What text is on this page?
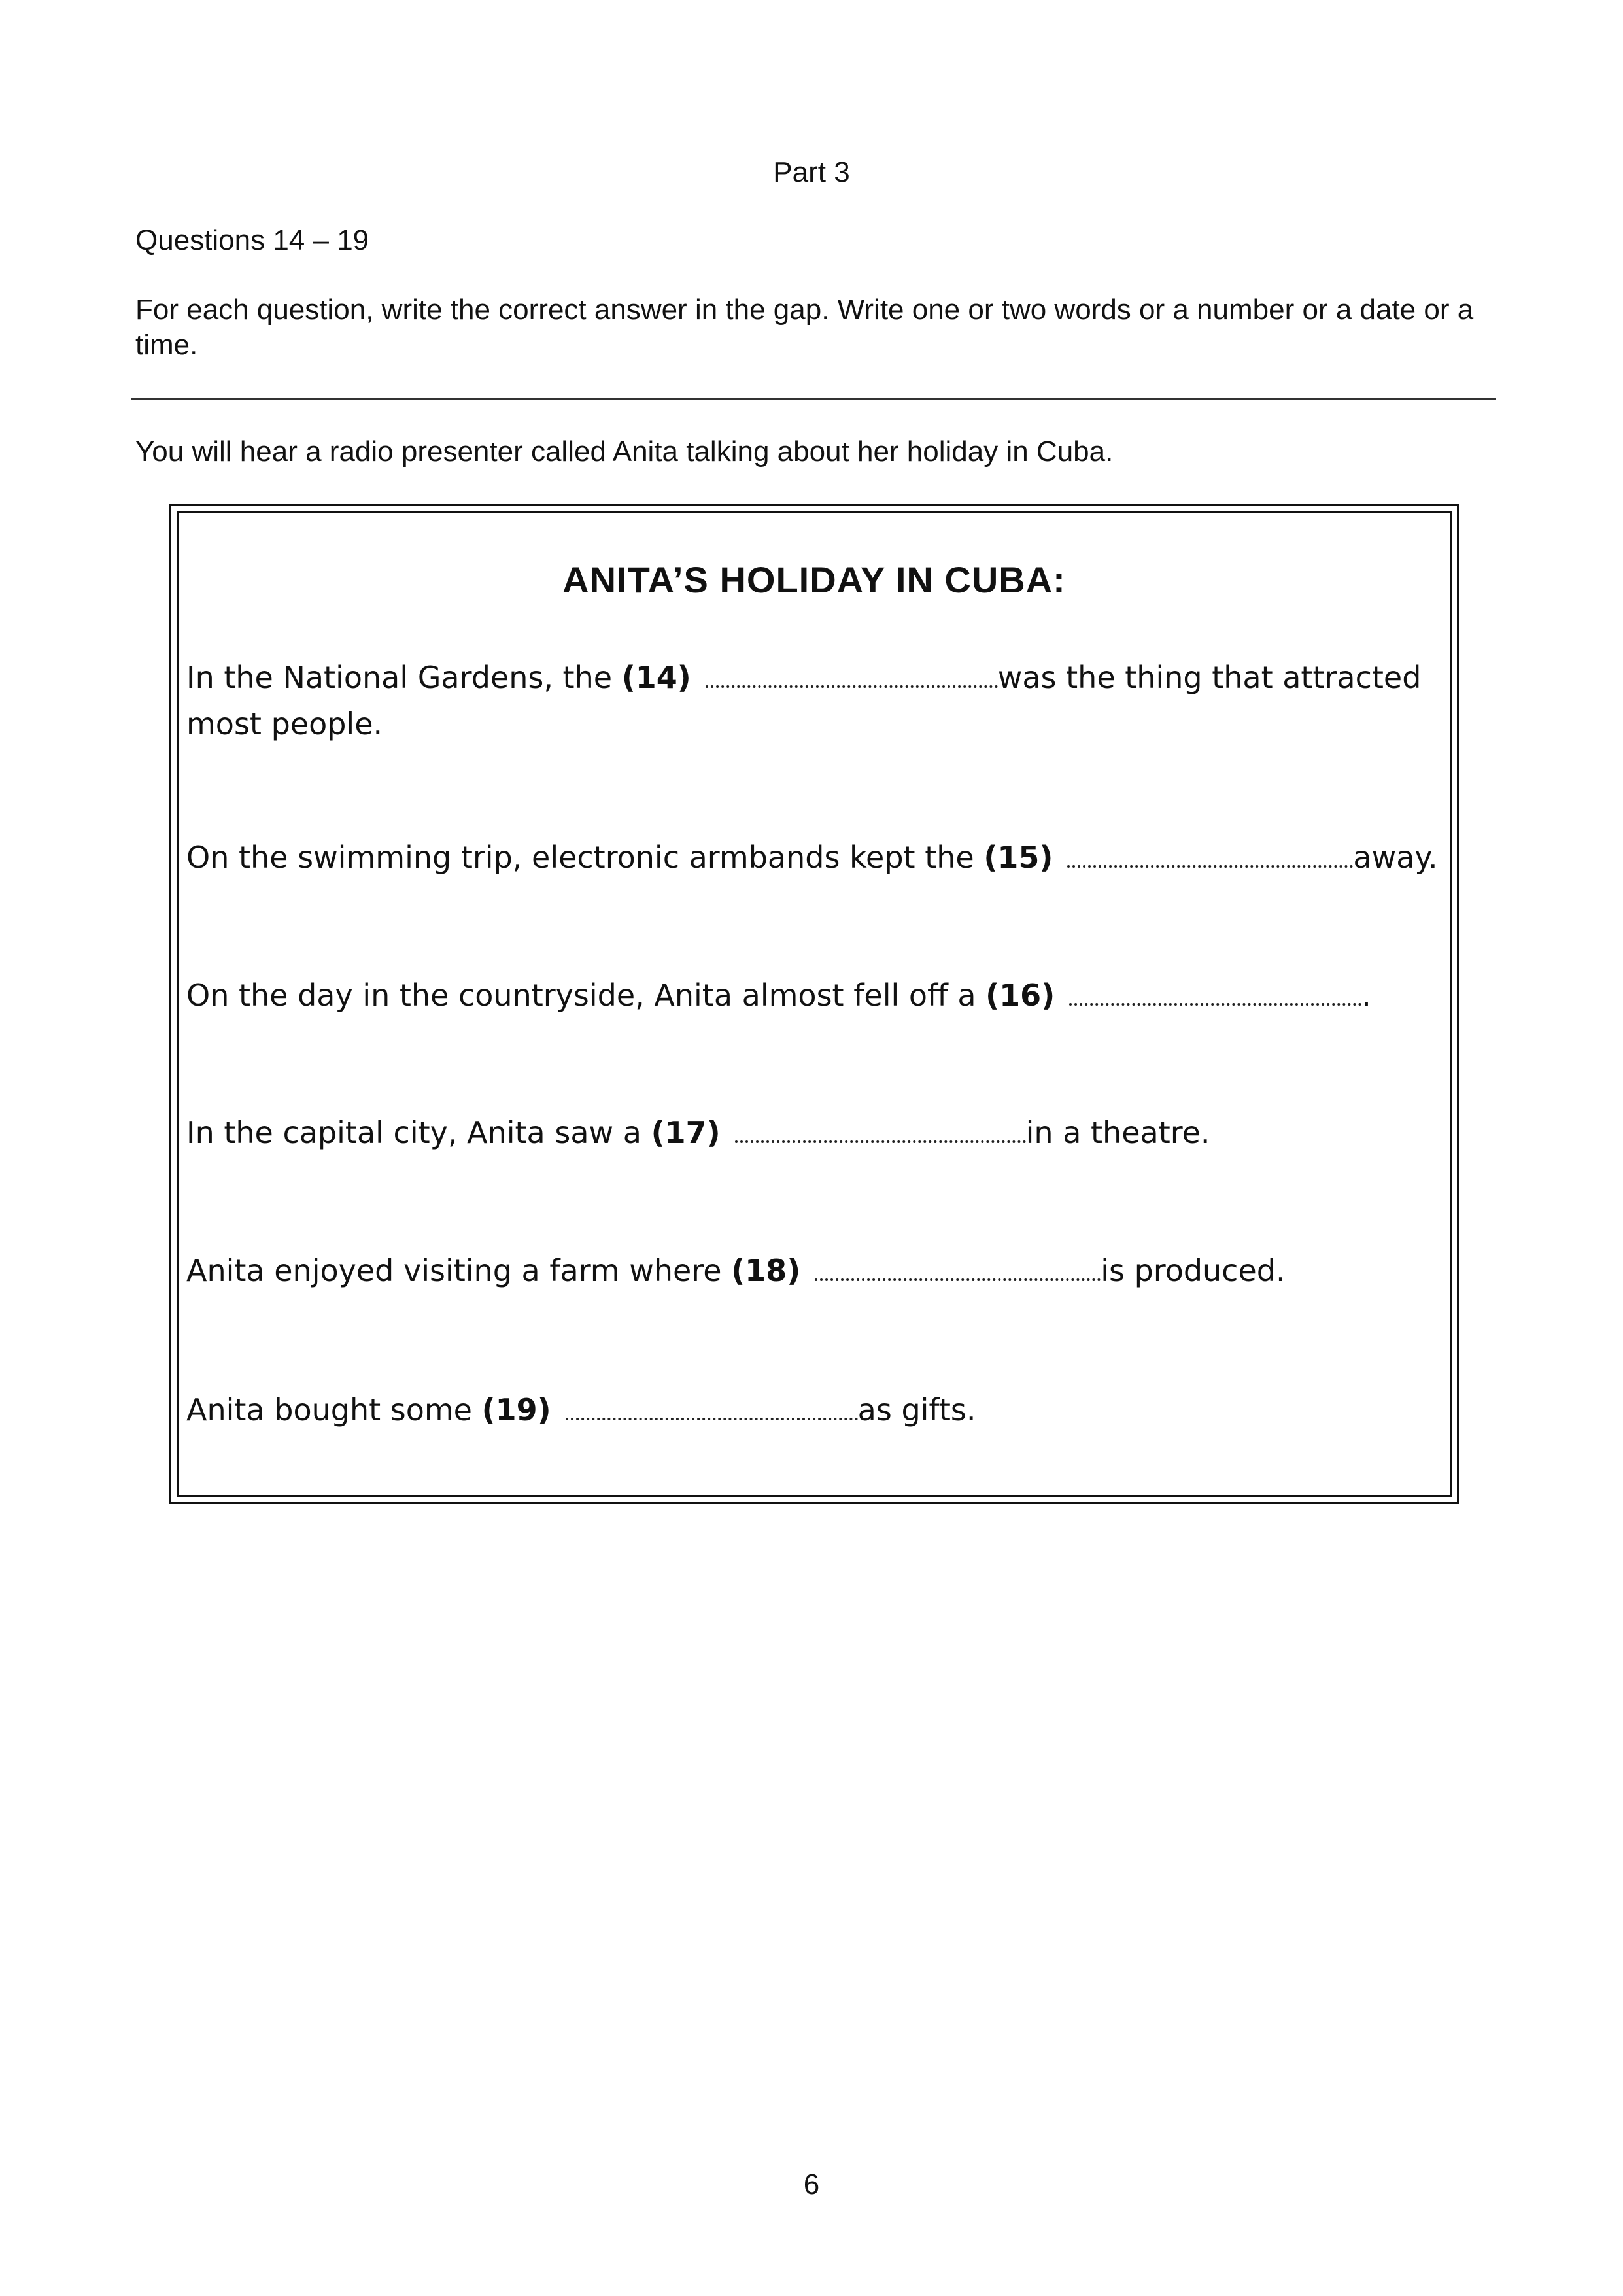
Part 3
Questions 14 – 19
For each question, write the correct answer in the gap. Write one or two words or a number or a date or a time.
You will hear a radio presenter called Anita talking about her holiday in Cuba.
ANITA’S HOLIDAY IN CUBA:
In the National Gardens, the (14)	was the thing that attracted
most people.
On the swimming trip, electronic armbands kept the (15)	away.
On the day in the countryside, Anita almost fell off a (16)	.
In the capital city, Anita saw a (17)	in a theatre.
Anita enjoyed visiting a farm where (18)	is produced.
Anita bought some (19)	as gifts.
6
